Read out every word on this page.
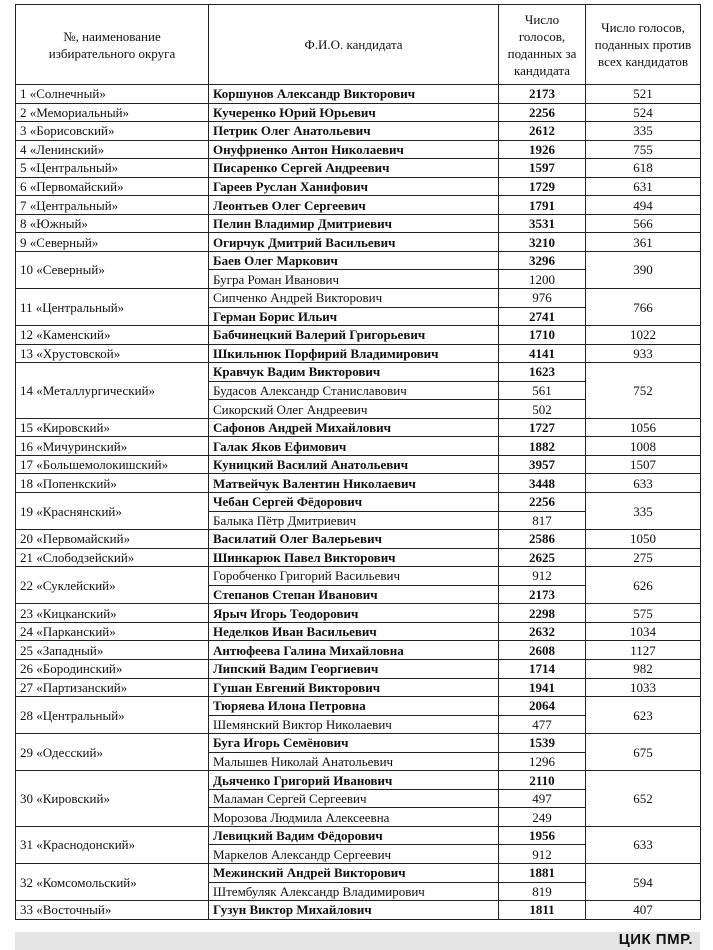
№, наименование избирательного округа	Ф.И.О. кандидата	Число голосов, поданных за кандидата	Число голосов, поданных против всех кандидатов
1 «Солнечный»	Коршунов Александр Викторович	2173	521
2 «Мемориальный»	Кучеренко Юрий Юрьевич	2256	524
3 «Борисовский»	Петрик Олег Анатольевич	2612	335
4 «Ленинский»	Онуфриенко Антон Николаевич	1926	755
5 «Центральный»	Писаренко Сергей Андреевич	1597	618
6 «Первомайский»	Гареев Руслан Ханифович	1729	631
7 «Центральный»	Леонтьев Олег Сергеевич	1791	494
8 «Южный»	Пелин Владимир Дмитриевич	3531	566
9 «Северный»	Огирчук Дмитрий Васильевич	3210	361
10 «Северный»	Баев Олег Маркович	3296	390
	Бугра Роман Иванович	1200	
11 «Центральный»	Сипченко Андрей Викторович	976	766
	Герман Борис Ильич	2741	
12 «Каменский»	Бабчинецкий Валерий Григорьевич	1710	1022
13 «Хрустовской»	Шкильнюк Порфирий Владимирович	4141	933
14 «Металлургический»	Кравчук Вадим Викторович	1623	752
	Будасов Александр Станиславович	561	
	Сикорский Олег Андреевич	502	
15 «Кировский»	Сафонов Андрей Михайлович	1727	1056
16 «Мичуринский»	Галак Яков Ефимович	1882	1008
17 «Большемолокишский»	Куницкий Василий Анатольевич	3957	1507
18 «Попенкский»	Матвейчук Валентин Николаевич	3448	633
19 «Краснянский»	Чебан Сергей Фёдорович	2256	335
	Балыка Пётр Дмитриевич	817	
20 «Первомайский»	Василатий Олег Валерьевич	2586	1050
21 «Слободзейский»	Шинкарюк Павел Викторович	2625	275
22 «Суклейский»	Горобченко Григорий Васильевич	912	626
	Степанов Степан Иванович	2173	
23 «Кицканский»	Ярыч Игорь Теодорович	2298	575
24 «Парканский»	Неделков Иван Васильевич	2632	1034
25 «Западный»	Антюфеева Галина Михайловна	2608	1127
26 «Бородинский»	Липский Вадим Георгиевич	1714	982
27 «Партизанский»	Гушан Евгений Викторович	1941	1033
28 «Центральный»	Тюряева Илона Петровна	2064	623
	Шемянский Виктор Николаевич	477	
29 «Одесский»	Буга Игорь Семёнович	1539	675
	Малышев Николай Анатольевич	1296	
30 «Кировский»	Дьяченко Григорий Иванович	2110	652
	Маламан Сергей Сергеевич	497	
	Морозова Людмила Алексеевна	249	
31 «Краснодонский»	Левицкий Вадим Фёдорович	1956	633
	Маркелов Александр Сергеевич	912	
32 «Комсомольский»	Межинский Андрей Викторович	1881	594
	Штембуляк Александр Владимирович	819	
33 «Восточный»	Гузун Виктор Михайлович	1811	407
ЦИК ПМР.
